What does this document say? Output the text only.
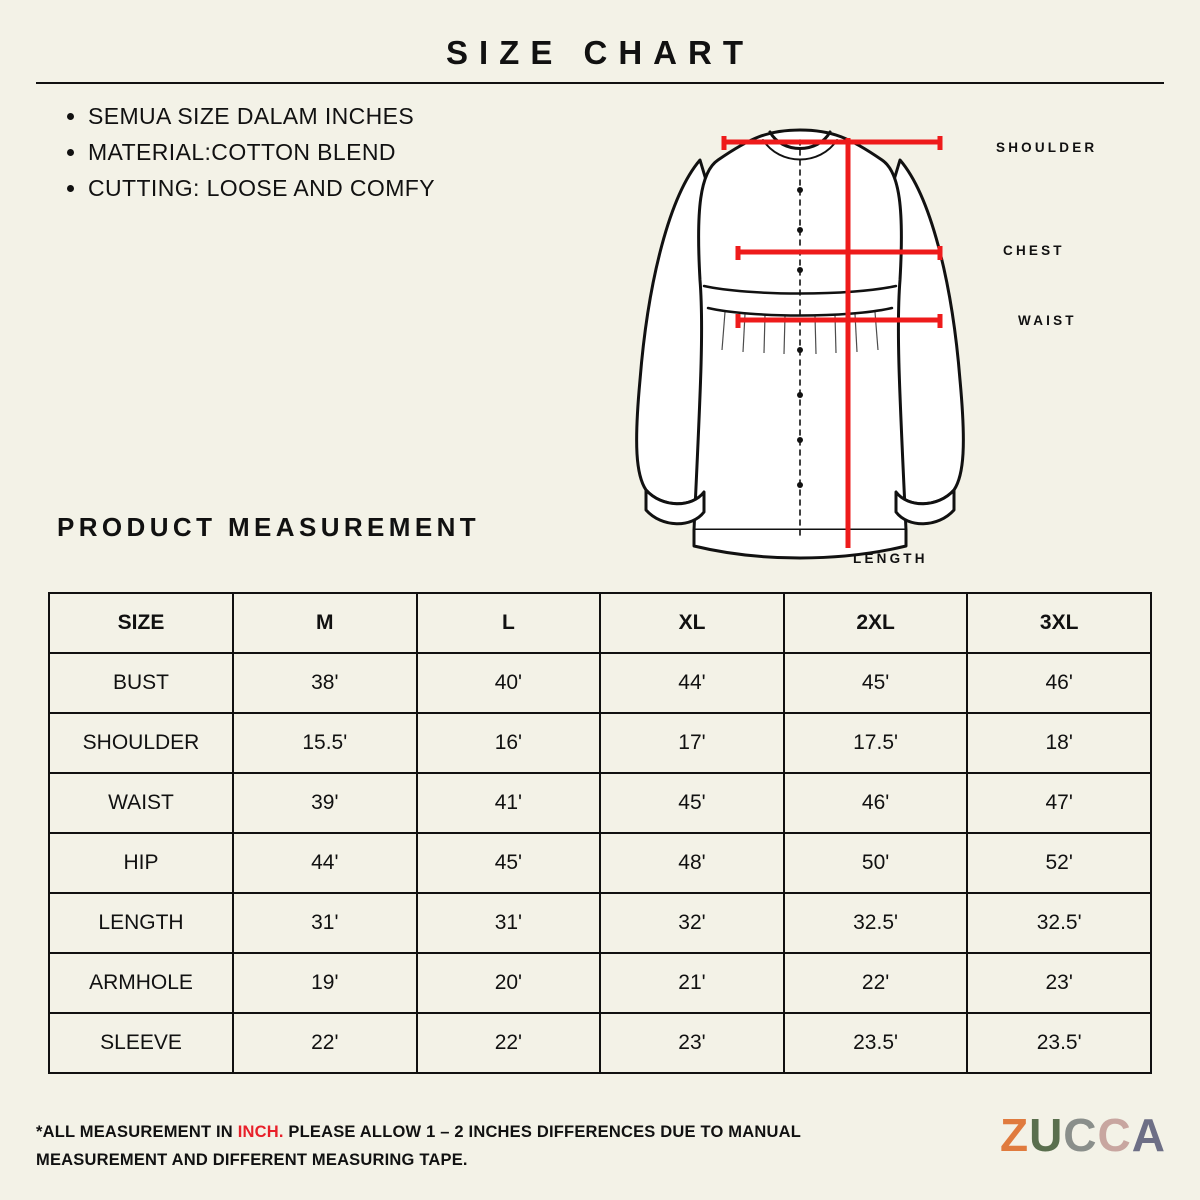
SIZE CHART
• SEMUA SIZE DALAM INCHES
• MATERIAL:COTTON BLEND
• CUTTING: LOOSE AND COMFY
SHOULDER
CHEST
WAIST
LENGTH
PRODUCT MEASUREMENT
SIZE	M	L	XL	2XL	3XL
BUST	38'	40'	44'	45'	46'
SHOULDER	15.5'	16'	17'	17.5'	18'
WAIST	39'	41'	45'	46'	47'
HIP	44'	45'	48'	50'	52'
LENGTH	31'	31'	32'	32.5'	32.5'
ARMHOLE	19'	20'	21'	22'	23'
SLEEVE	22'	22'	23'	23.5'	23.5'
*ALL MEASUREMENT IN INCH. PLEASE ALLOW 1 – 2 INCHES DIFFERENCES DUE TO MANUAL MEASUREMENT AND DIFFERENT MEASURING TAPE.	ZUCCA
